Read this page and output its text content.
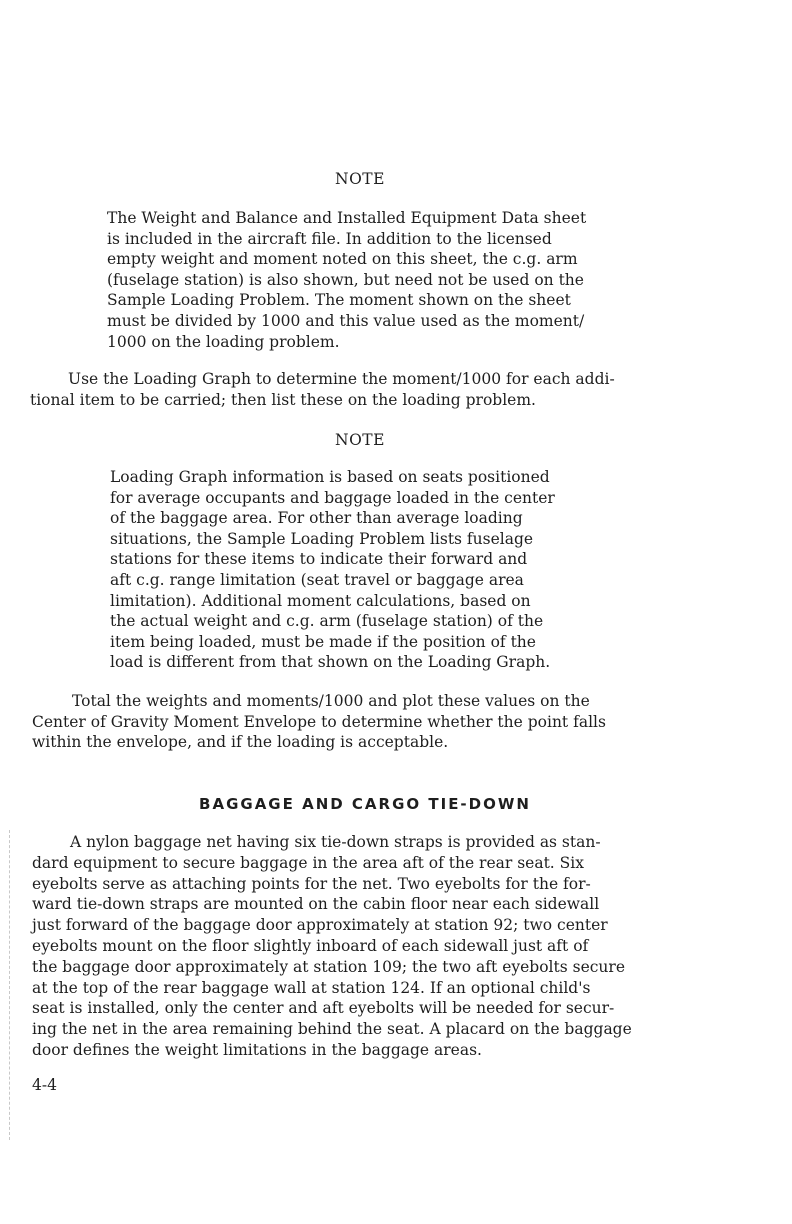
NOTE
The Weight and Balance and Installed Equipment Data sheet
is included in the aircraft file. In addition to the licensed
empty weight and moment noted on this sheet, the c.g. arm
(fuselage station) is also shown, but need not be used on the
Sample Loading Problem. The moment shown on the sheet
must be divided by 1000 and this value used as the moment/
1000 on the loading problem.
Use the Loading Graph to determine the moment/1000 for each addi-
tional item to be carried; then list these on the loading problem.
NOTE
Loading Graph information is based on seats positioned
for average occupants and baggage loaded in the center
of the baggage area. For other than average loading
situations, the Sample Loading Problem lists fuselage
stations for these items to indicate their forward and
aft c.g. range limitation (seat travel or baggage area
limitation). Additional moment calculations, based on
the actual weight and c.g. arm (fuselage station) of the
item being loaded, must be made if the position of the
load is different from that shown on the Loading Graph.
Total the weights and moments/1000 and plot these values on the
Center of Gravity Moment Envelope to determine whether the point falls
within the envelope, and if the loading is acceptable.
BAGGAGE AND CARGO TIE-DOWN
A nylon baggage net having six tie-down straps is provided as stan-
dard equipment to secure baggage in the area aft of the rear seat. Six
eyebolts serve as attaching points for the net. Two eyebolts for the for-
ward tie-down straps are mounted on the cabin floor near each sidewall
just forward of the baggage door approximately at station 92; two center
eyebolts mount on the floor slightly inboard of each sidewall just aft of
the baggage door approximately at station 109; the two aft eyebolts secure
at the top of the rear baggage wall at station 124. If an optional child's
seat is installed, only the center and aft eyebolts will be needed for secur-
ing the net in the area remaining behind the seat. A placard on the baggage
door defines the weight limitations in the baggage areas.
4-4
